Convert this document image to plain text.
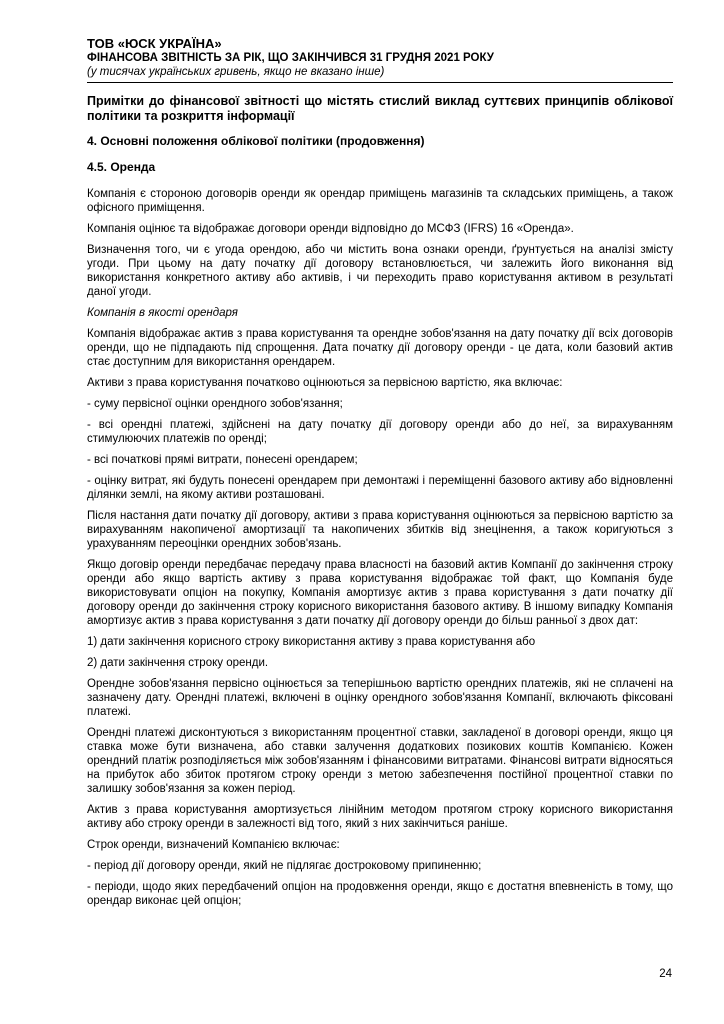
ТОВ «ЮСК УКРАЇНА»
ФІНАНСОВА ЗВІТНІСТЬ ЗА РІК, ЩО ЗАКІНЧИВСЯ 31 ГРУДНЯ 2021 РОКУ
(у тисячах українських гривень, якщо не вказано інше)
Примітки до фінансової звітності що містять стислий виклад суттєвих принципів облікової політики та розкриття інформації
4. Основні положення облікової політики (продовження)
4.5. Оренда

Компанія є стороною договорів оренди як орендар приміщень магазинів та складських приміщень, а також офісного приміщення.

Компанія оцінює та відображає договори оренди відповідно до МСФЗ (IFRS) 16 «Оренда».

Визначення того, чи є угода орендою, або чи містить вона ознаки оренди, ґрунтується на аналізі змісту угоди. При цьому на дату початку дії договору встановлюється, чи залежить його виконання від використання конкретного активу або активів, і чи переходить право користування активом в результаті даної угоди.

Компанія в якості орендаря

Компанія відображає актив з права користування та орендне зобов'язання на дату початку дії всіх договорів оренди, що не підпадають під спрощення. Дата початку дії договору оренди - це дата, коли базовий актив стає доступним для використання орендарем.

Активи з права користування початково оцінюються за первісною вартістю, яка включає:

- суму первісної оцінки орендного зобов'язання;

- всі орендні платежі, здійснені на дату початку дії договору оренди або до неї, за вирахуванням стимулюючих платежів по оренді;

- всі початкові прямі витрати, понесені орендарем;

- оцінку витрат, які будуть понесені орендарем при демонтажі і переміщенні базового активу або відновленні ділянки землі, на якому активи розташовані.

Після настання дати початку дії договору, активи з права користування оцінюються за первісною вартістю за вирахуванням накопиченої амортизації та накопичених збитків від знецінення, а також коригуються з урахуванням переоцінки орендних зобов'язань.

Якщо договір оренди передбачає передачу права власності на базовий актив Компанії до закінчення строку оренди або якщо вартість активу з права користування відображає той факт, що Компанія буде використовувати опціон на покупку, Компанія амортизує актив з права користування з дати початку дії договору оренди до закінчення строку корисного використання базового активу. В іншому випадку Компанія амортизує актив з права користування з дати початку дії договору оренди до більш ранньої з двох дат:

1) дати закінчення корисного строку використання активу з права користування або

2) дати закінчення строку оренди.

Орендне зобов'язання первісно оцінюється за теперішньою вартістю орендних платежів, які не сплачені на зазначену дату. Орендні платежі, включені в оцінку орендного зобов'язання Компанії, включають фіксовані платежі.

Орендні платежі дисконтуються з використанням процентної ставки, закладеної в договорі оренди, якщо ця ставка може бути визначена, або ставки залучення додаткових позикових коштів Компанією. Кожен орендний платіж розподіляється між зобов'язанням і фінансовими витратами. Фінансові витрати відносяться на прибуток або збиток протягом строку оренди з метою забезпечення постійної процентної ставки по залишку зобов'язання за кожен період.

Актив з права користування амортизується лінійним методом протягом строку корисного використання активу або строку оренди в залежності від того, який з них закінчиться раніше.

Строк оренди, визначений Компанією включає:

- період дії договору оренди, який не підлягає достроковому припиненню;

- періоди, щодо яких передбачений опціон на продовження оренди, якщо є достатня впевненість в тому, що орендар виконає цей опціон;

24
